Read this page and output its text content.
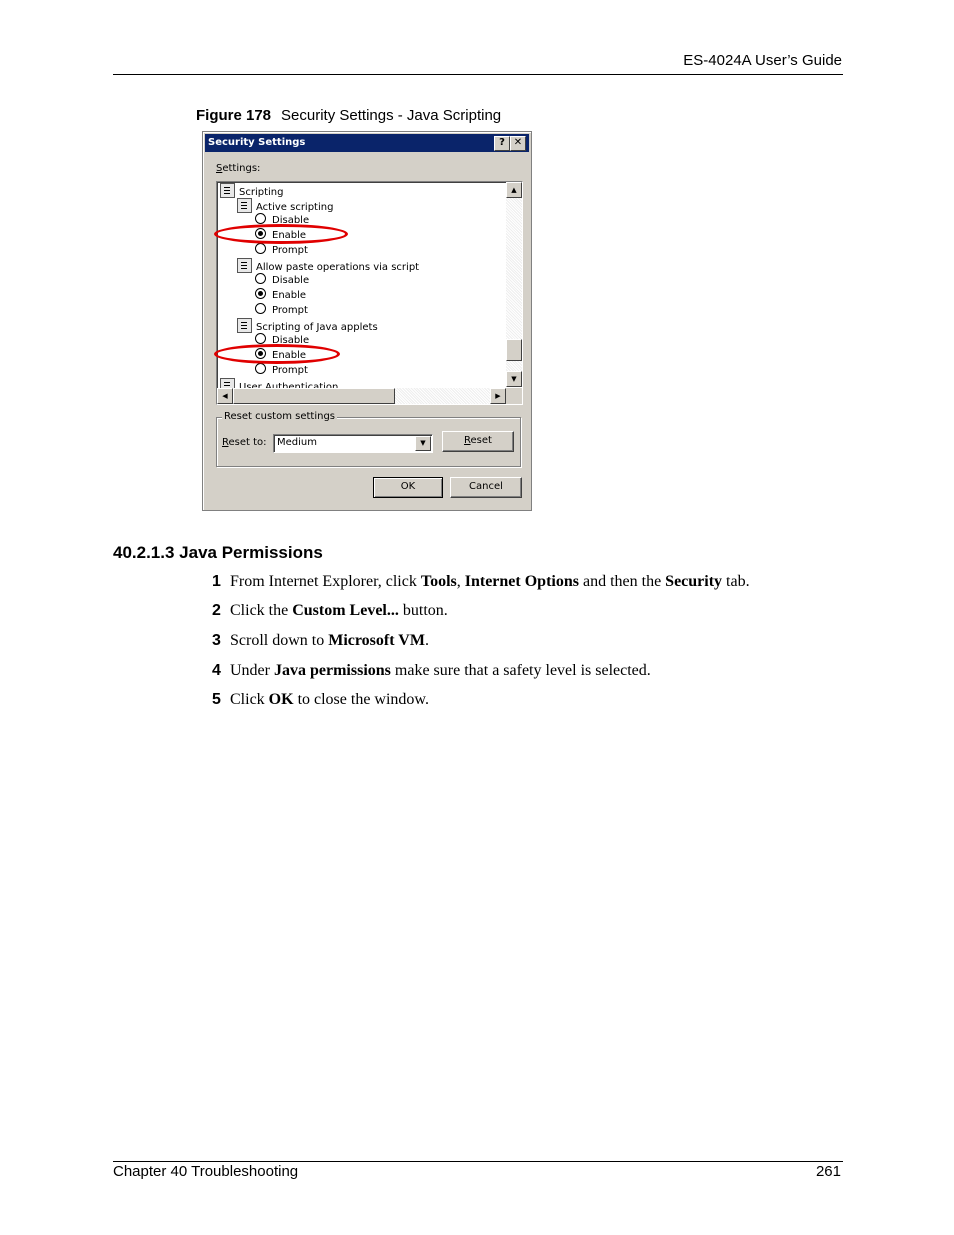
ES-4024A User’s Guide
Figure 178 Security Settings - Java Scripting
Security Settings	? ✕
Settings:
Scripting
Active scripting
Disable
Enable
Prompt
Allow paste operations via script
Disable
Enable
Prompt
Scripting of Java applets
Disable
Enable
Prompt
▲
▼
◀	▶
Reset custom settings
Reset to: Medium	▼	Reset
OK	Cancel
40.2.1.3 Java Permissions
1 From Internet Explorer, click Tools, Internet Options and then the Security tab.
2 Click the Custom Level... button.
3 Scroll down to Microsoft VM.
4 Under Java permissions make sure that a safety level is selected.
5 Click OK to close the window.
Chapter 40 Troubleshooting	261
